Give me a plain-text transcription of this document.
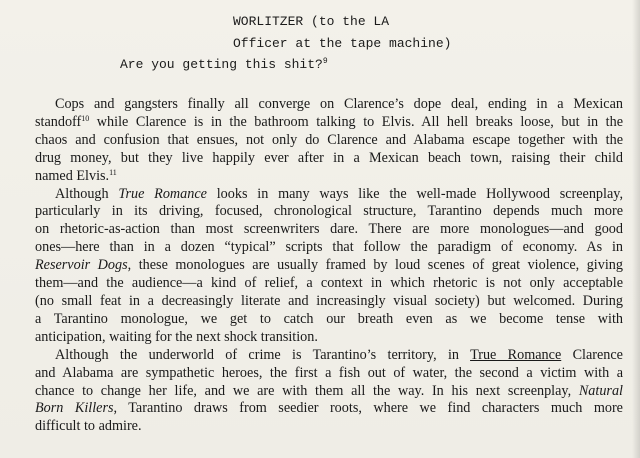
WORLITZER (to the LA
Officer at the tape machine)
Are you getting this shit?$^9$

Cops and gangsters finally all converge on Clarence’s dope deal, ending in a Mexican
standoff$^{10}$ while Clarence is in the bathroom talking to Elvis. All hell breaks loose, but in the
chaos and confusion that ensues, not only do Clarence and Alabama escape together with the
drug money, but they live happily ever after in a Mexican beach town, raising their child
named Elvis.$^{11}$

Although True Romance looks in many ways like the well-made Hollywood screenplay,
particularly in its driving, focused, chronological structure, Tarantino depends much more
on rhetoric-as-action than most screenwriters dare. There are more monologues—and good
ones—here than in a dozen “typical” scripts that follow the paradigm of economy. As in
Reservoir Dogs, these monologues are usually framed by loud scenes of great violence, giving
them—and the audience—a kind of relief, a context in which rhetoric is not only acceptable
(no small feat in a decreasingly literate and increasingly visual society) but welcomed. During
a Tarantino monologue, we get to catch our breath even as we become tense with
anticipation, waiting for the next shock transition.

Although the underworld of crime is Tarantino’s territory, in True Romance Clarence
and Alabama are sympathetic heroes, the first a fish out of water, the second a victim with a
chance to change her life, and we are with them all the way. In his next screenplay, Natural
Born Killers, Tarantino draws from seedier roots, where we find characters much more
difficult to admire.
